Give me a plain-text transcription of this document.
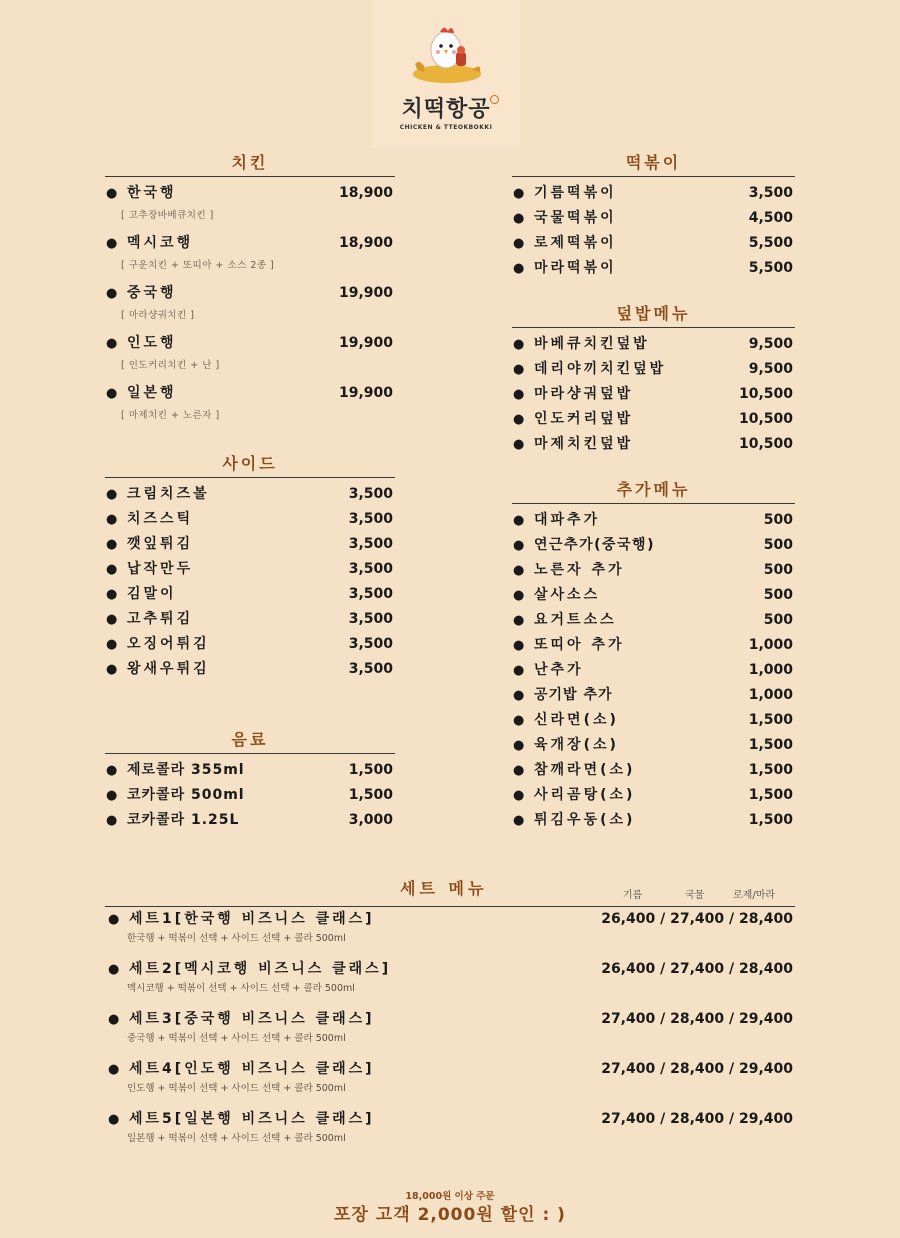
치떡항공
CHICKEN & TTEOKBOKKI
치킨
● 한국행	18,900
[ 고추장바베큐치킨 ]
● 멕시코행	18,900
[ 구운치킨 + 또띠아 + 소스 2종 ]
● 중국행	19,900
[ 마라샹궈치킨 ]
● 인도행	19,900
[ 인도커리치킨 + 난 ]
● 일본행	19,900
[ 마제치킨 + 노른자 ]
사이드
● 크림치즈볼	3,500
● 치즈스틱	3,500
● 깻잎튀김	3,500
● 납작만두	3,500
● 김말이	3,500
● 고추튀김	3,500
● 오징어튀김	3,500
● 왕새우튀김	3,500
음료
● 제로콜라 355ml	1,500
● 코카콜라 500ml	1,500
● 코카콜라 1.25L	3,000
떡볶이
● 기름떡볶이	3,500
● 국물떡볶이	4,500
● 로제떡볶이	5,500
● 마라떡볶이	5,500
덮밥메뉴
● 바베큐치킨덮밥	9,500
● 데리야끼치킨덮밥	9,500
● 마라샹궈덮밥	10,500
● 인도커리덮밥	10,500
● 마제치킨덮밥	10,500
추가메뉴
● 대파추가	500
● 연근추가(중국행)	500
● 노른자 추가	500
● 살사소스	500
● 요거트소스	500
● 또띠아 추가	1,000
● 난추가	1,000
● 공기밥 추가	1,000
● 신라면(소)	1,500
● 육개장(소)	1,500
● 참깨라면(소)	1,500
● 사리곰탕(소)	1,500
● 튀김우동(소)	1,500
세트 메뉴	기름	국물	로제/마라
● 세트1[한국행 비즈니스 클래스]	26,400 / 27,400 / 28,400
한국행 + 떡볶이 선택 + 사이드 선택 + 콜라 500ml
● 세트2[멕시코행 비즈니스 클래스]	26,400 / 27,400 / 28,400
멕시코행 + 떡볶이 선택 + 사이드 선택 + 콜라 500ml
● 세트3[중국행 비즈니스 클래스]	27,400 / 28,400 / 29,400
중국행 + 떡볶이 선택 + 사이드 선택 + 콜라 500ml
● 세트4[인도행 비즈니스 클래스]	27,400 / 28,400 / 29,400
인도행 + 떡볶이 선택 + 사이드 선택 + 콜라 500ml
● 세트5[일본행 비즈니스 클래스]	27,400 / 28,400 / 29,400
일본행 + 떡볶이 선택 + 사이드 선택 + 콜라 500ml
18,000원 이상 주문
포장 고객 2,000원 할인 : )
